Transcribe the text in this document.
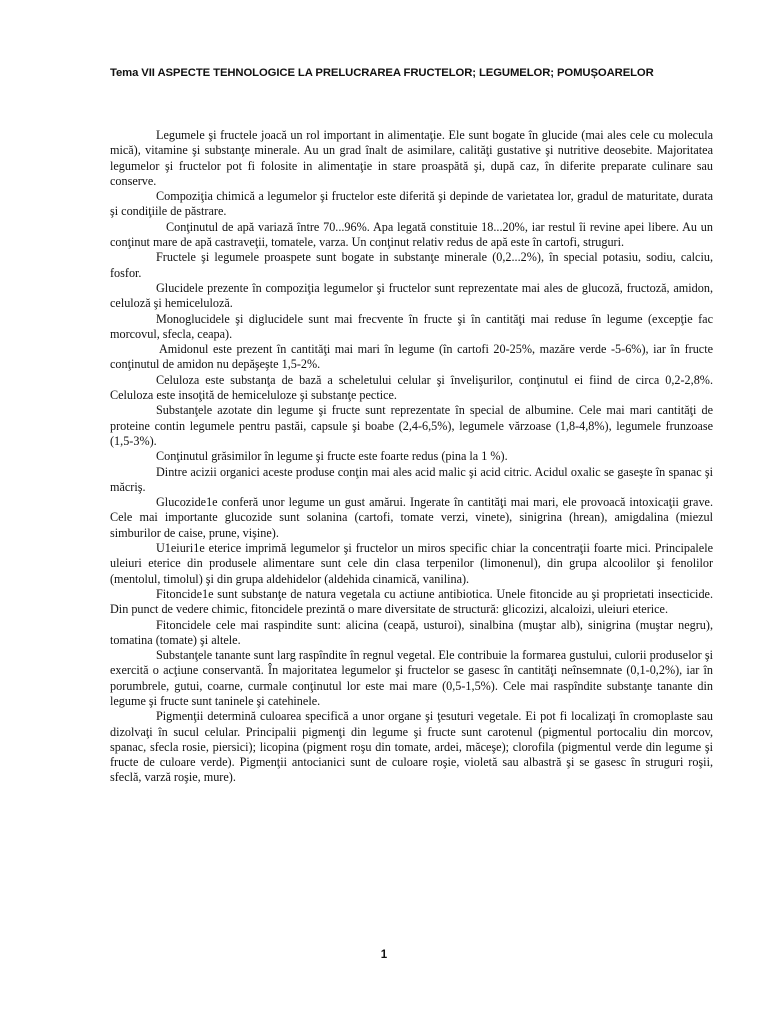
Tema VII ASPECTE TEHNOLOGICE LA PRELUCRAREA FRUCTELOR; LEGUMELOR; POMUȘOARELOR

Legumele şi fructele joacă un rol important in alimentaţie. Ele sunt bogate în glucide (mai ales cele cu molecula mică), vitamine şi substanţe minerale. Au un grad înalt de asimilare, calităţi gustative şi nutritive deosebite. Majoritatea legumelor şi fructelor pot fi folosite in alimentaţie in stare proaspătă şi, după caz, în diferite preparate culinare sau conserve.

Compoziţia chimică a legumelor şi fructelor este diferită şi depinde de varietatea lor, gradul de maturitate, durata şi condiţiile de păstrare.

Conţinutul de apă variază între 70...96%. Apa legată constituie 18...20%, iar restul îi revine apei libere. Au un conţinut mare de apă castraveţii, tomatele, varza. Un conţinut relativ redus de apă este în cartofi, struguri.

Fructele şi legumele proaspete sunt bogate in substanţe minerale (0,2...2%), în special potasiu, sodiu, calciu, fosfor.

Glucidele prezente în compoziţia legumelor şi fructelor sunt reprezentate mai ales de glucoză, fructoză, amidon, celuloză şi hemiceluloză.

Monoglucidele şi diglucidele sunt mai frecvente în fructe şi în cantităţi mai reduse în legume (excepţie fac morcovul, sfecla, ceapa).

Amidonul este prezent în cantităţi mai mari în legume (în cartofi 20-25%, mazăre verde -5-6%), iar în fructe conţinutul de amidon nu depăşeşte 1,5-2%.

Celuloza este substanţa de bază a scheletului celular şi învelişurilor, conţinutul ei fiind de circa 0,2-2,8%. Celuloza este insoţită de hemiceluloze şi substanţe pectice.

Substanţele azotate din legume şi fructe sunt reprezentate în special de albumine. Cele mai mari cantităţi de proteine contin legumele pentru pastăi, capsule şi boabe (2,4-6,5%), legumele vărzoase (1,8-4,8%), legumele frunzoase (1,5-3%).

Conţinutul grăsimilor în legume şi fructe este foarte redus (pina la 1 %).

Dintre acizii organici aceste produse conţin mai ales acid malic şi acid citric. Acidul oxalic se gaseşte în spanac şi măcriş.

Glucozide1e conferă unor legume un gust amărui. Ingerate în cantităţi mai mari, ele provoacă intoxicaţii grave. Cele mai importante glucozide sunt solanina (cartofi, tomate verzi, vinete), sinigrina (hrean), amigdalina (miezul simburilor de caise, prune, vişine).

U1eiuri1e eterice imprimă legumelor şi fructelor un miros specific chiar la concentraţii foarte mici. Principalele uleiuri eterice din produsele alimentare sunt cele din clasa terpenilor (limonenul), din grupa alcoolilor şi fenolilor (mentolul, timolul) şi din grupa aldehidelor (aldehida cinamică, vanilina).

Fitoncide1e sunt substanţe de natura vegetala cu actiune antibiotica. Unele fitoncide au şi proprietati insecticide. Din punct de vedere chimic, fitoncidele prezintă o mare diversitate de structură: glicozizi, alcaloizi, uleiuri eterice.

Fitoncidele cele mai raspindite sunt: alicina (ceapă, usturoi), sinalbina (muştar alb), sinigrina (muştar negru), tomatina (tomate) şi altele.

Substanţele tanante sunt larg raspîndite în regnul vegetal. Ele contribuie la formarea gustului, culorii produselor şi exercită o acţiune conservantă. În majoritatea legumelor şi fructelor se gasesc în cantităţi neînsemnate (0,1-0,2%), iar în porumbrele, gutui, coarne, curmale conţinutul lor este mai mare (0,5-1,5%). Cele mai raspîndite substanţe tanante din legume şi fructe sunt taninele şi catehinele.

Pigmenţii determină culoarea specifică a unor organe şi ţesuturi vegetale. Ei pot fi localizaţi în cromoplaste sau dizolvaţi în sucul celular. Principalii pigmenţi din legume şi fructe sunt carotenul (pigmentul portocaliu din morcov, spanac, sfecla rosie, piersici); licopina (pigment roşu din tomate, ardei, măceşe); clorofila (pigmentul verde din legume şi fructe de culoare verde). Pigmenţii antocianici sunt de culoare roşie, violetă sau albastră şi se gasesc în struguri roşii, sfeclă, varză roşie, mure).

1
